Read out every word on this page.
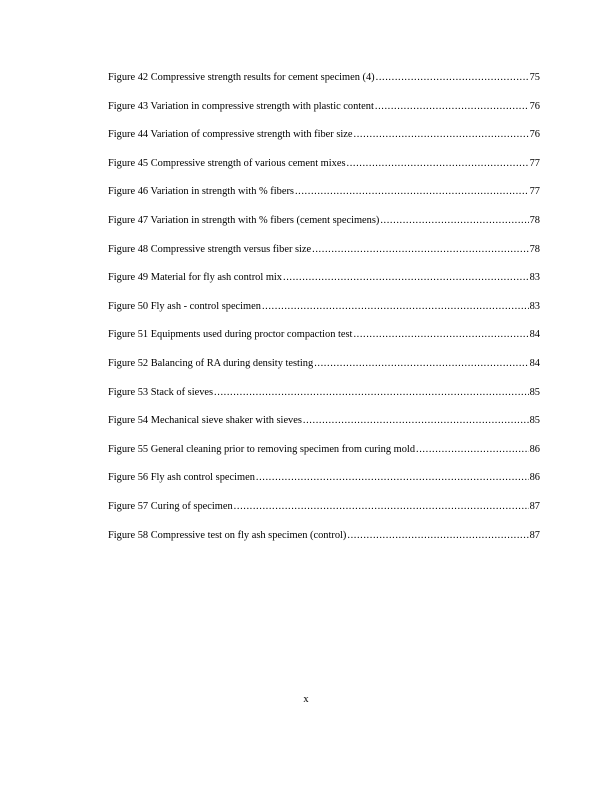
Figure 42 Compressive strength results for cement specimen (4) .....	75
Figure 43 Variation in compressive strength with plastic content .....	76
Figure 44 Variation of compressive strength with fiber size .....	76
Figure 45 Compressive strength of various cement mixes .....	77
Figure 46 Variation in strength with % fibers .....	77
Figure 47 Variation in strength with % fibers (cement specimens) .....	78
Figure 48 Compressive strength versus fiber size .....	78
Figure 49 Material for fly ash control mix .....	83
Figure 50 Fly ash - control specimen .....	83
Figure 51 Equipments used during proctor compaction test .....	84
Figure 52 Balancing of RA during density testing .....	84
Figure 53 Stack of sieves .....	85
Figure 54 Mechanical sieve shaker with sieves .....	85
Figure 55 General cleaning prior to removing specimen from curing mold .....	86
Figure 56 Fly ash control specimen .....	86
Figure 57 Curing of specimen .....	87
Figure 58 Compressive test on fly ash specimen (control) .....	87
x
